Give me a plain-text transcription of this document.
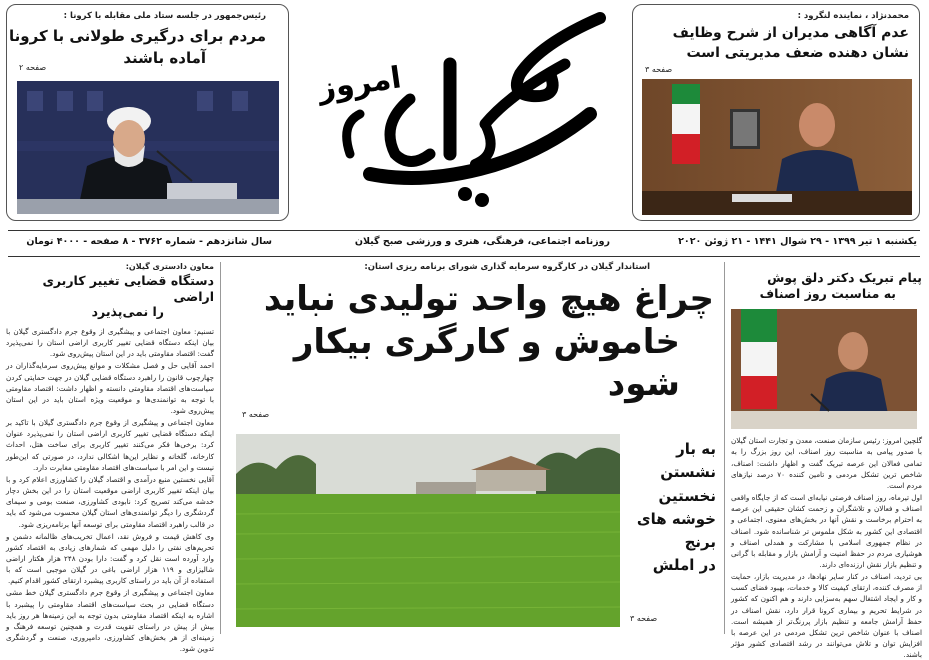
رئیس‌جمهور در جلسه ستاد ملی مقابله با کرونا :
مردم برای درگیری طولانی با کرونا
آماده باشند
صفحه ۲	امروز
گیلان
محمدنژاد ، نماینده لنگرود :
عدم آگاهی مدیران از شرح وظایف
نشان دهنده ضعف مدیریتی است
صفحه ۳
یکشنبه ۱ تیر ۱۳۹۹ - ۲۹ شوال ۱۴۴۱ - ۲۱ ژوئن ۲۰۲۰
روزنامه اجتماعی، فرهنگی، هنری و ورزشی صبح گیلان
سال شانزدهم - شماره ۳۷۶۲ - ۸ صفحه - ۴۰۰۰ تومان
معاون دادستری گیلان:
دستگاه قضایی تغییر کاربری اراضی
را نمی‌پذیرد

تسنیم: معاون اجتماعی و پیشگیری از وقوع جرم دادگستری گیلان با بیان اینکه دستگاه قضایی تغییر کاربری اراضی استان را نمی‌پذیرد گفت: اقتصاد مقاومتی باید در این استان پیش‌روی شود.

احمد آقایی حل و فصل مشکلات و موانع پیش‌روی سرمایه‌گذاران در چهارچوب قانون را راهبرد دستگاه قضایی گیلان در جهت حمایتی کردن سیاست‌های اقتصاد مقاومتی دانسته و اظهار داشت: اقتصاد مقاومتی با توجه به توانمندی‌ها و موقعیت ویژه استان باید در این استان پیش‌روی شود.

معاون اجتماعی و پیشگیری از وقوع جرم دادگستری گیلان با تاکید بر اینکه دستگاه قضایی تغییر کاربری اراضی استان را نمی‌پذیرد عنوان کرد: برخی‌ها فکر می‌کنند تغییر کاربری برای ساخت هتل، احداث کارخانه، گلخانه و نظایر این‌ها اشکالی ندارد، در صورتی که این‌طور نیست و این امر با سیاست‌های اقتصاد مقاومتی مغایرت دارد.

آقایی نخستین منبع درآمدی و اقتصاد گیلان را کشاورزی اعلام کرد و با بیان اینکه تغییر کاربری اراضی موقعیت استان را در این بخش دچار خدشه می‌کند تصریح کرد: نابودی کشاورزی، صنعت بومی و سیمای گردشگری را دیگر توانمندی‌های استان گیلان محسوب می‌شود که باید در قالب راهبرد اقتصاد مقاومتی برای توسعه آنها برنامه‌ریزی شود.

وی کاهش قیمت و فروش نقد، اعمال تخریب‌های ظالمانه دشمن و تحریم‌های نفتی را دلیل مهمی که شمار‌های زیادی به اقتصاد کشور وارد آورده است نقل کرد و گفت: دارا بودن ۲۴۸ هزار هکتار اراضی شالیزاری و ۱۱۹ هزار اراضی باغی در گیلان موجبی است که با استفاده از آن باید در راستای کاربری پیشبرد ارتقای کشور اقدام کنیم.

معاون اجتماعی و پیشگیری از وقوع جرم دادگستری گیلان خط مشی دستگاه قضایی در بحث سیاست‌های اقتصاد مقاومتی را پیشبرد با اشاره به اینکه اقتصاد مقاومتی بدون توجه به این زمینه‌ها هر روز باید بیش از پیش در راستای تقویت قدرت و همچنین توسعه فرهنگ و زمینه‌ای از هر بخش‌های کشاورزی، دامپروری، صنعت و گردشگری تدوین شود.

استاندار گیلان در کارگروه سرمایه گذاری شورای برنامه ریزی استان:
چراغ هیچ واحد تولیدی نباید
خاموش و کارگری بیکار شود
صفحه ۳
به بار
نشستن
نخستین
خوشه های
برنج
در املش
صفحه ۳
پیام تبریک دکتر دلق پوش
به مناسبت روز اصناف

گلچین امروز: رئیس سازمان صنعت، معدن و تجارت استان گیلان با صدور پیامی به مناسبت روز اصناف، این روز بزرگ را به تمامی فعالان این عرصه تبریک گفت و اظهار داشت: اصناف، شاخص ترین تشکل مردمی و تامین کننده ۷۰ درصد نیازهای مردم است.

اول تیرماه، روز اصناف فرصتی نیابه‌ای است که از جایگاه واقعی اصناف و فعالان و تلاشگران و زحمت کشان حقیقی این عرصه به احترام برخاست و نقش آنها در بخش‌های معنوی، اجتماعی و اقتصادی این کشور به شکل ملموس تر شناسانده شود. اصناف در نظام جمهوری اسلامی با مشارکت و همدلی اصناف و هوشیاری مردم در حفظ امنیت و آرامش بازار و مقابله با گرانی و تنظیم بازار نقش ارزنده‌ای دارند.

بی تردید، اصناف در کنار سایر نهادها، در مدیریت بازار، حمایت از مصرف کننده، ارتقای کیفیت کالا و خدمات، بهبود فضای کسب و کار و ایجاد اشتغال سهم به‌سزایی دارند و هم اکنون که کشور در شرایط تحریم و بیماری کرونا قرار دارد، نقش اصناف در حفظ آرامش جامعه و تنظیم بازار پررنگ‌تر از همیشه است. اصناف با عنوان شاخص ترین تشکل مردمی در این عرصه با افزایش توان و تلاش می‌توانند در رشد اقتصادی کشور مؤثر باشند.
